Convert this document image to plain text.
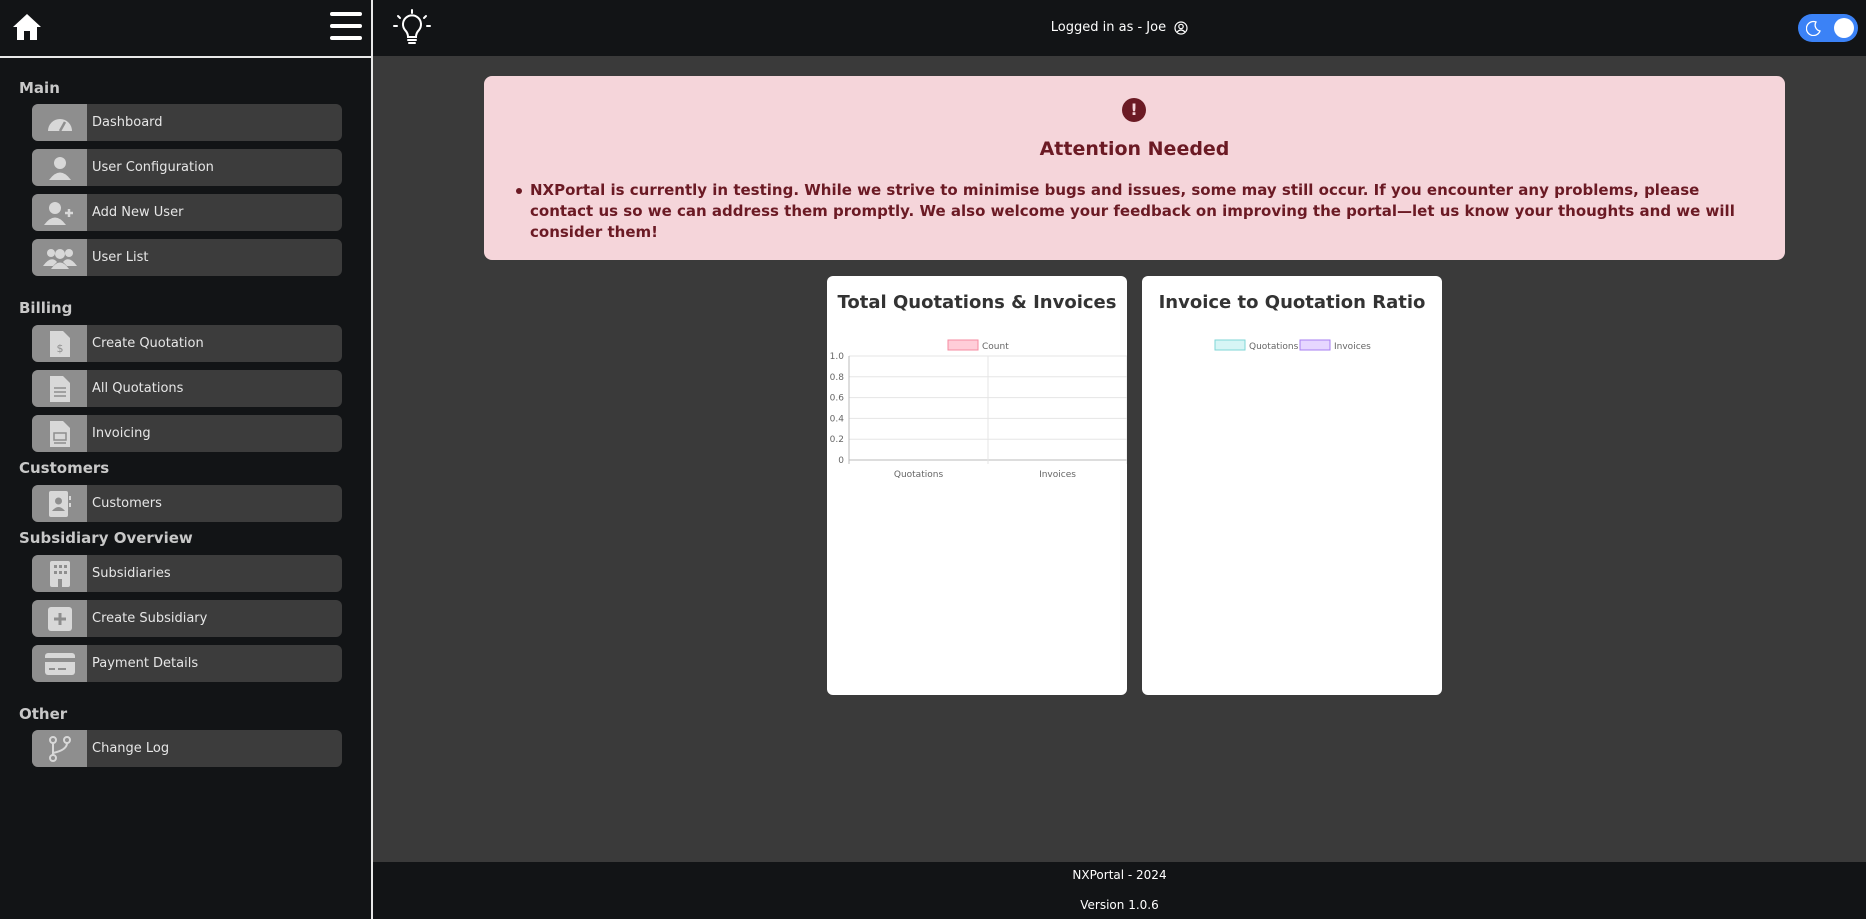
Main
Dashboard
User Configuration
Add New User
User List
Billing
$ Create Quotation
All Quotations
Invoicing
Customers
Customers
Subsidiary Overview
Subsidiaries
Create Subsidiary
Payment Details
Other
Change Log
Logged in as - Joe
!
Attention Needed
NXPortal is currently in testing. While we strive to minimise bugs and issues, some may still occur. If you encounter any problems, please contact us so we can address them promptly. We also welcome your feedback on improving the portal—let us know your thoughts and we will consider them!
Total Quotations & Invoices
Count
1.0
0.8
0.6
0.4
0.2
0
Quotations	Invoices
Invoice to Quotation Ratio
Quotations	Invoices
NXPortal - 2024
Version 1.0.6
